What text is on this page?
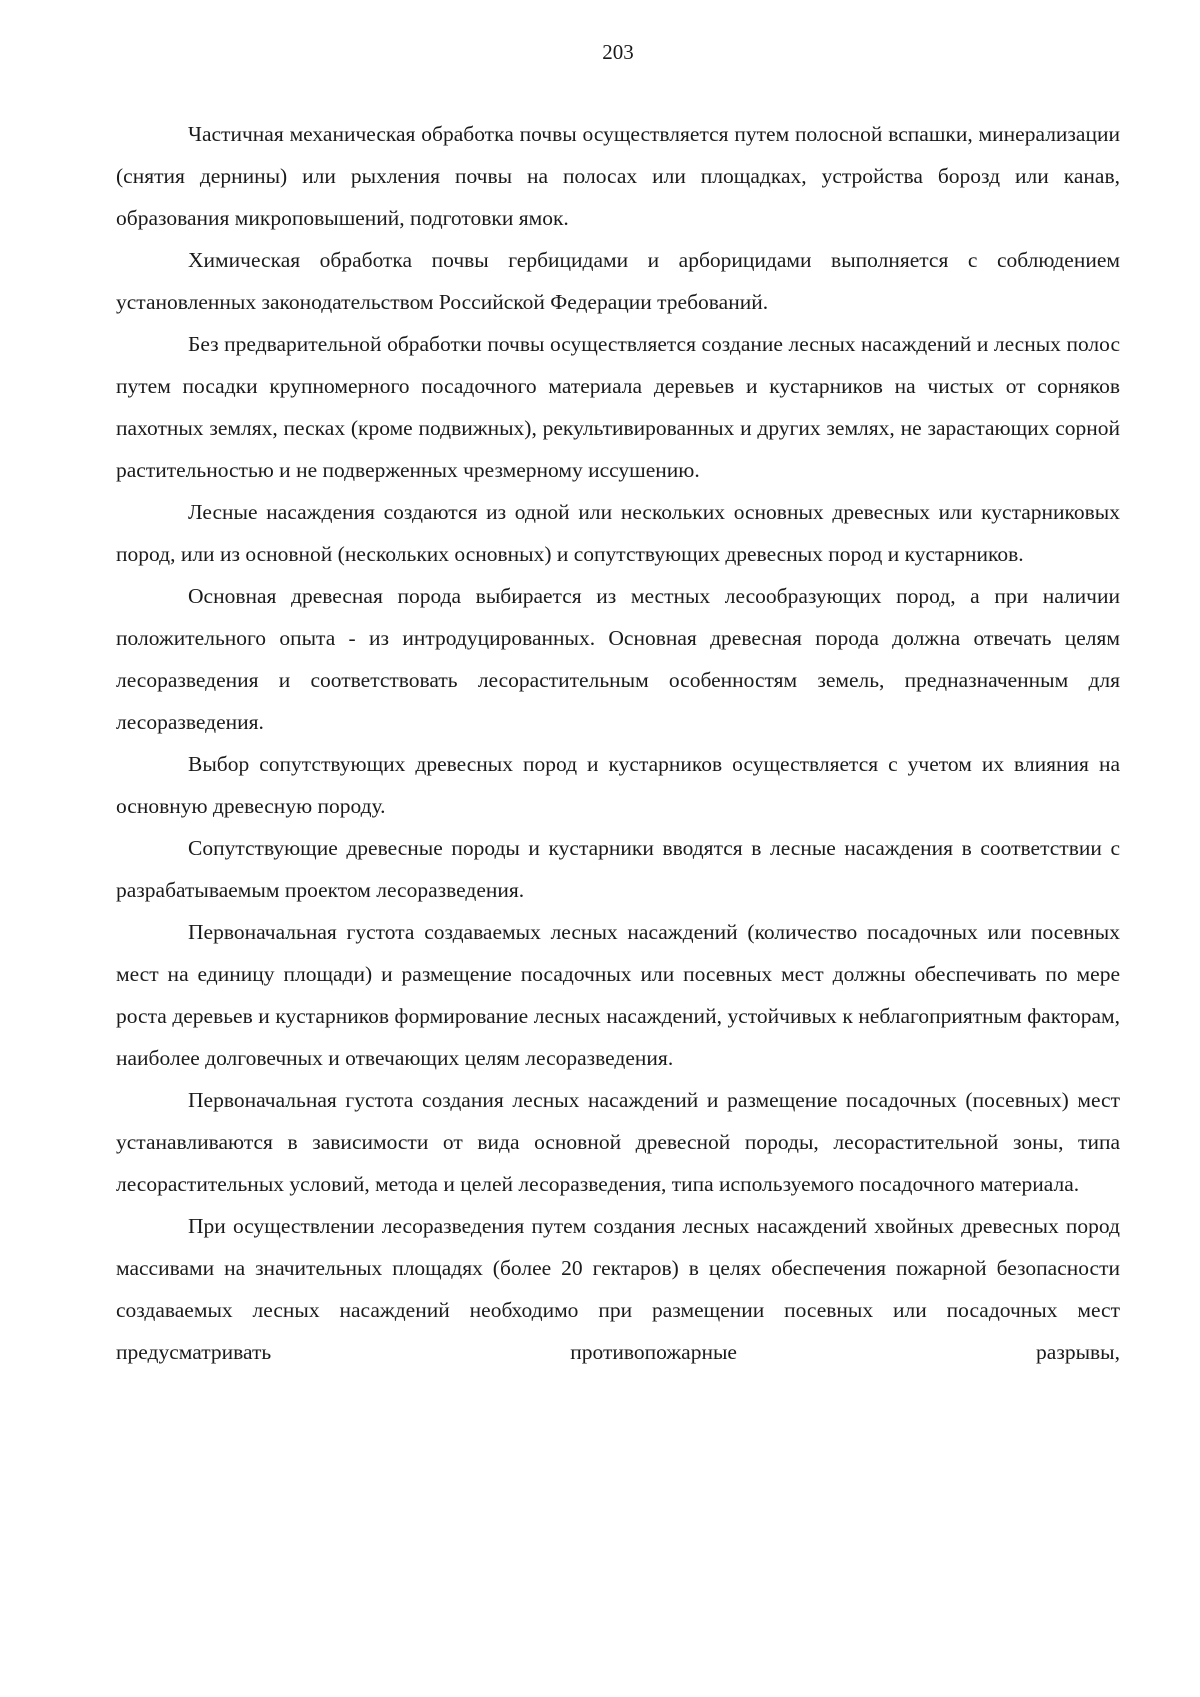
203

Частичная механическая обработка почвы осуществляется путем полосной вспашки, минерализации (снятия дернины) или рыхления почвы на полосах или площадках, устройства борозд или канав, образования микроповышений, подготовки ямок.

Химическая обработка почвы гербицидами и арборицидами выполняется с соблюдением установленных законодательством Российской Федерации требований.

Без предварительной обработки почвы осуществляется создание лесных насаждений и лесных полос путем посадки крупномерного посадочного материала деревьев и кустарников на чистых от сорняков пахотных землях, песках (кроме подвижных), рекультивированных и других землях, не зарастающих сорной растительностью и не подверженных чрезмерному иссушению.

Лесные насаждения создаются из одной или нескольких основных древесных или кустарниковых пород, или из основной (нескольких основных) и сопутствующих древесных пород и кустарников.

Основная древесная порода выбирается из местных лесообразующих пород, а при наличии положительного опыта - из интродуцированных. Основная древесная порода должна отвечать целям лесоразведения и соответствовать лесорастительным особенностям земель, предназначенным для лесоразведения.

Выбор сопутствующих древесных пород и кустарников осуществляется с учетом их влияния на основную древесную породу.

Сопутствующие древесные породы и кустарники вводятся в лесные насаждения в соответствии с разрабатываемым проектом лесоразведения.

Первоначальная густота создаваемых лесных насаждений (количество посадочных или посевных мест на единицу площади) и размещение посадочных или посевных мест должны обеспечивать по мере роста деревьев и кустарников формирование лесных насаждений, устойчивых к неблагоприятным факторам, наиболее долговечных и отвечающих целям лесоразведения.

Первоначальная густота создания лесных насаждений и размещение посадочных (посевных) мест устанавливаются в зависимости от вида основной древесной породы, лесорастительной зоны, типа лесорастительных условий, метода и целей лесоразведения, типа используемого посадочного материала.

При осуществлении лесоразведения путем создания лесных насаждений хвойных древесных пород массивами на значительных площадях (более 20 гектаров) в целях обеспечения пожарной безопасности создаваемых лесных насаждений необходимо при размещении посевных или посадочных мест предусматривать противопожарные разрывы,
